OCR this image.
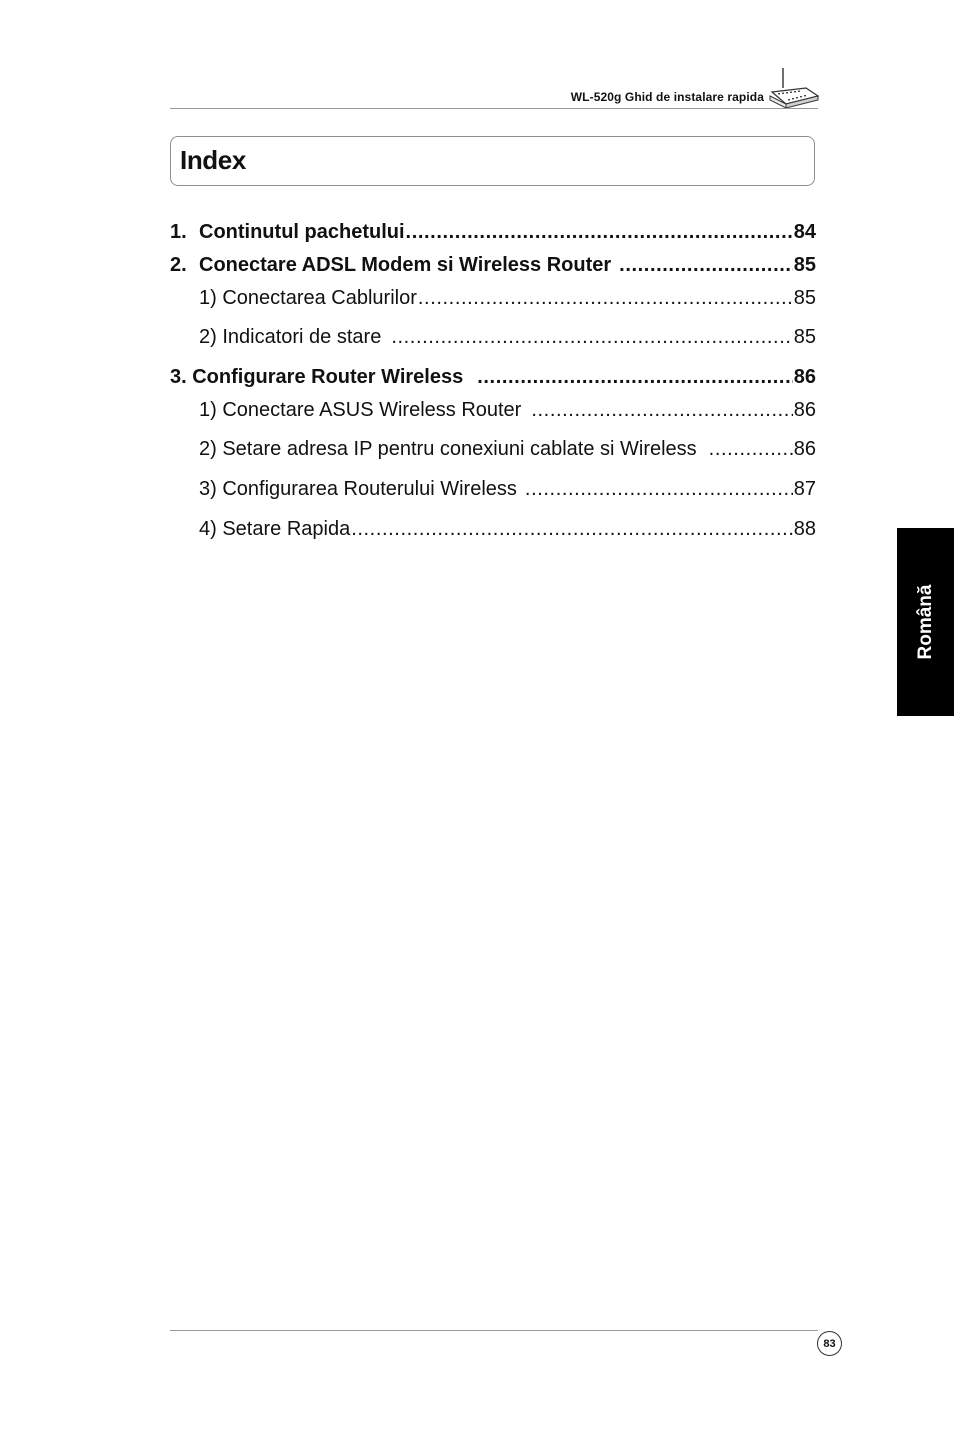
WL-520g Ghid de instalare rapida
Index
1. Continutul pachetului .....	84
2. Conectare ADSL Modem si Wireless Router .....	85
1) Conectarea Cablurilor .....	85
2) Indicatori de stare .....	85
3. Configurare Router Wireless .....	86
1) Conectare ASUS Wireless Router .....	86
2) Setare adresa IP pentru conexiuni cablate si Wireless .....	86
3) Configurarea Routerului Wireless .....	87
4) Setare Rapida .....	88
Română
83
